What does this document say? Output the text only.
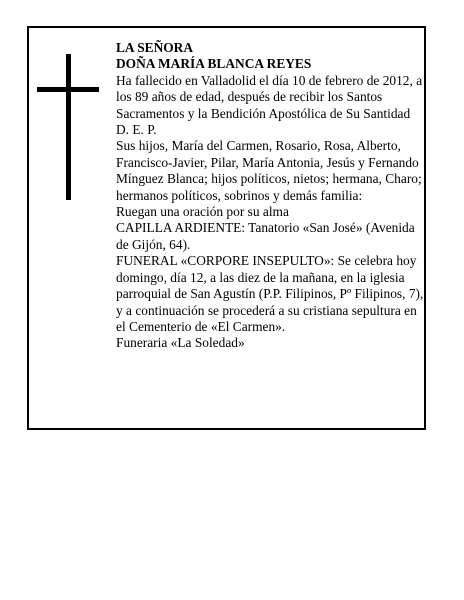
LA SEÑORA

DOÑA MARÍA BLANCA REYES

Ha fallecido en Valladolid el día 10 de febrero de 2012, a los 89 años de edad, después de recibir los Santos Sacramentos y la Bendición Apostólica de Su Santidad D. E. P.

Sus hijos, María del Carmen, Rosario, Rosa, Alberto, Francisco-Javier, Pilar, María Antonia, Jesús y Fernando Mínguez Blanca; hijos políticos, nietos; hermana, Charo; hermanos políticos, sobrinos y demás familia:

Ruegan una oración por su alma

CAPILLA ARDIENTE: Tanatorio «San José» (Avenida de Gijón, 64).

FUNERAL «CORPORE INSEPULTO»: Se celebra hoy domingo, día 12, a las diez de la mañana, en la iglesia parroquial de San Agustín (P.P. Filipinos, Pº Filipinos, 7), y a continuación se procederá a su cristiana sepultura en el Cementerio de «El Carmen».

Funeraria «La Soledad»
